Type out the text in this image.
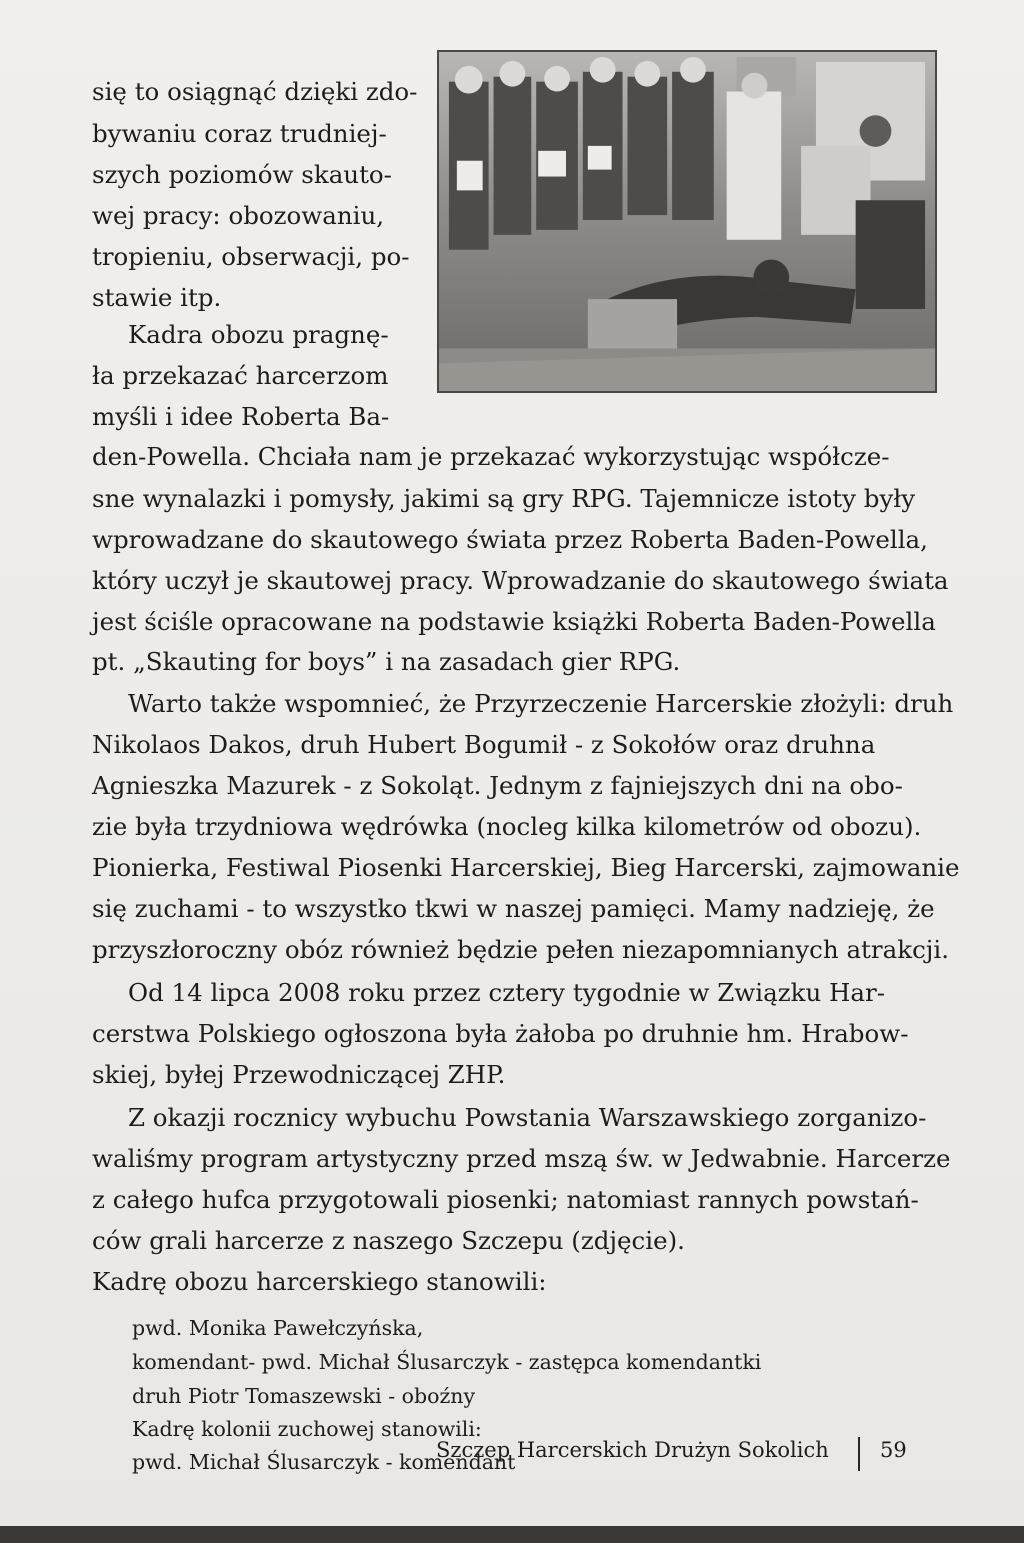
się to osiągnąć dzięki zdo-
bywaniu coraz trudniej-
szych poziomów skauto-
wej pracy: obozowaniu,
tropieniu, obserwacji, po-
stawie itp.
Kadra obozu pragnę-
ła przekazać harcerzom
myśli i idee Roberta Ba-
den-Powella. Chciała nam je przekazać wykorzystując współcze-
sne wynalazki i pomysły, jakimi są gry RPG. Tajemnicze istoty były
wprowadzane do skautowego świata przez Roberta Baden-Powella,
który uczył je skautowej pracy. Wprowadzanie do skautowego świata
jest ściśle opracowane na podstawie książki Roberta Baden-Powella
pt. „Skauting for boys” i na zasadach gier RPG.
Warto także wspomnieć, że Przyrzeczenie Harcerskie złożyli: druh
Nikolaos Dakos, druh Hubert Bogumił - z Sokołów oraz druhna
Agnieszka Mazurek - z Sokoląt. Jednym z fajniejszych dni na obo-
zie była trzydniowa wędrówka (nocleg kilka kilometrów od obozu).
Pionierka, Festiwal Piosenki Harcerskiej, Bieg Harcerski, zajmowanie
się zuchami - to wszystko tkwi w naszej pamięci. Mamy nadzieję, że
przyszłoroczny obóz również będzie pełen niezapomnianych atrakcji.
Od 14 lipca 2008 roku przez cztery tygodnie w Związku Har-
cerstwa Polskiego ogłoszona była żałoba po druhnie hm. Hrabow-
skiej, byłej Przewodniczącej ZHP.
Z okazji rocznicy wybuchu Powstania Warszawskiego zorganizo-
waliśmy program artystyczny przed mszą św. w Jedwabnie. Harcerze
z całego hufca przygotowali piosenki; natomiast rannych powstań-
ców grali harcerze z naszego Szczepu (zdjęcie).
Kadrę obozu harcerskiego stanowili:
pwd. Monika Pawełczyńska,
komendant- pwd. Michał Ślusarczyk - zastępca komendantki
druh Piotr Tomaszewski - oboźny
Kadrę kolonii zuchowej stanowili:
pwd. Michał Ślusarczyk - komendant
Szczep Harcerskich Drużyn Sokolich 59
